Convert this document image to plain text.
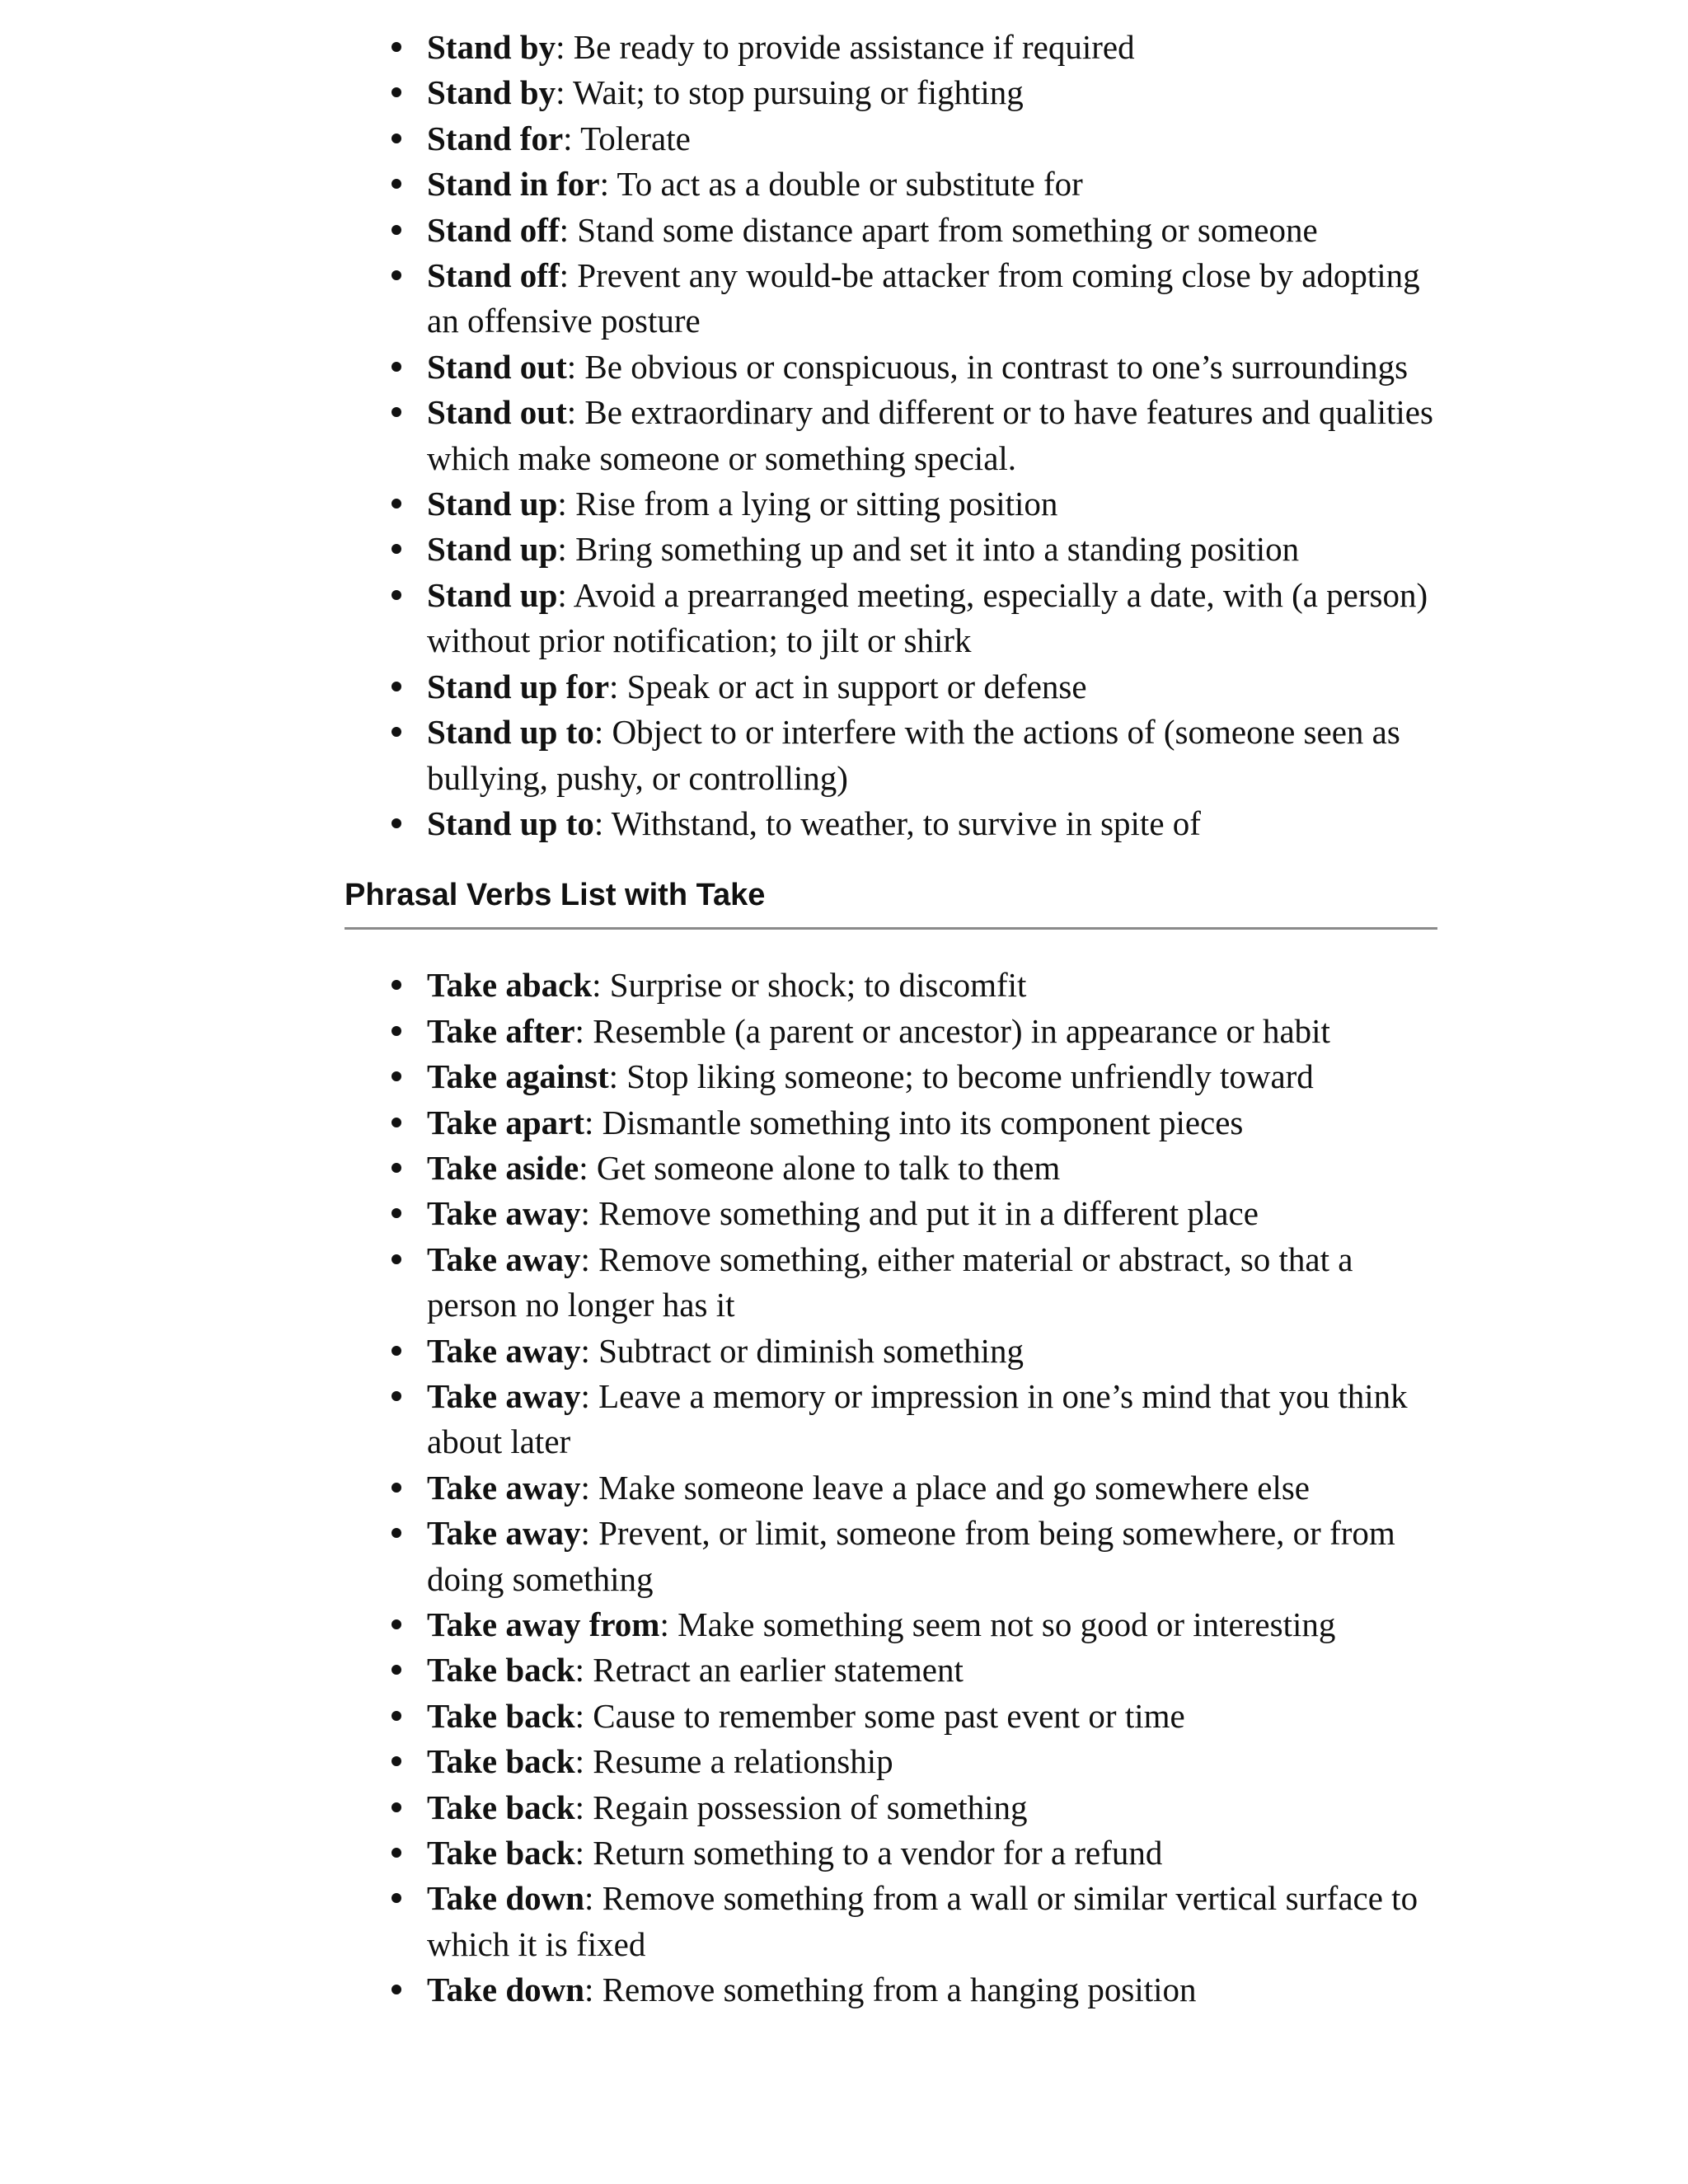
Stand by: Be ready to provide assistance if required
Stand by: Wait; to stop pursuing or fighting
Stand for: Tolerate
Stand in for: To act as a double or substitute for
Stand off: Stand some distance apart from something or someone
Stand off: Prevent any would-be attacker from coming close by adopting an offensive posture
Stand out: Be obvious or conspicuous, in contrast to one’s surroundings
Stand out: Be extraordinary and different or to have features and qualities which make someone or something special.
Stand up: Rise from a lying or sitting position
Stand up: Bring something up and set it into a standing position
Stand up: Avoid a prearranged meeting, especially a date, with (a person) without prior notification; to jilt or shirk
Stand up for: Speak or act in support or defense
Stand up to: Object to or interfere with the actions of (someone seen as bullying, pushy, or controlling)
Stand up to: Withstand, to weather, to survive in spite of
Phrasal Verbs List with Take
Take aback: Surprise or shock; to discomfit
Take after: Resemble (a parent or ancestor) in appearance or habit
Take against: Stop liking someone; to become unfriendly toward
Take apart: Dismantle something into its component pieces
Take aside: Get someone alone to talk to them
Take away: Remove something and put it in a different place
Take away: Remove something, either material or abstract, so that a person no longer has it
Take away: Subtract or diminish something
Take away: Leave a memory or impression in one’s mind that you think about later
Take away: Make someone leave a place and go somewhere else
Take away: Prevent, or limit, someone from being somewhere, or from doing something
Take away from: Make something seem not so good or interesting
Take back: Retract an earlier statement
Take back: Cause to remember some past event or time
Take back: Resume a relationship
Take back: Regain possession of something
Take back: Return something to a vendor for a refund
Take down: Remove something from a wall or similar vertical surface to which it is fixed
Take down: Remove something from a hanging position
